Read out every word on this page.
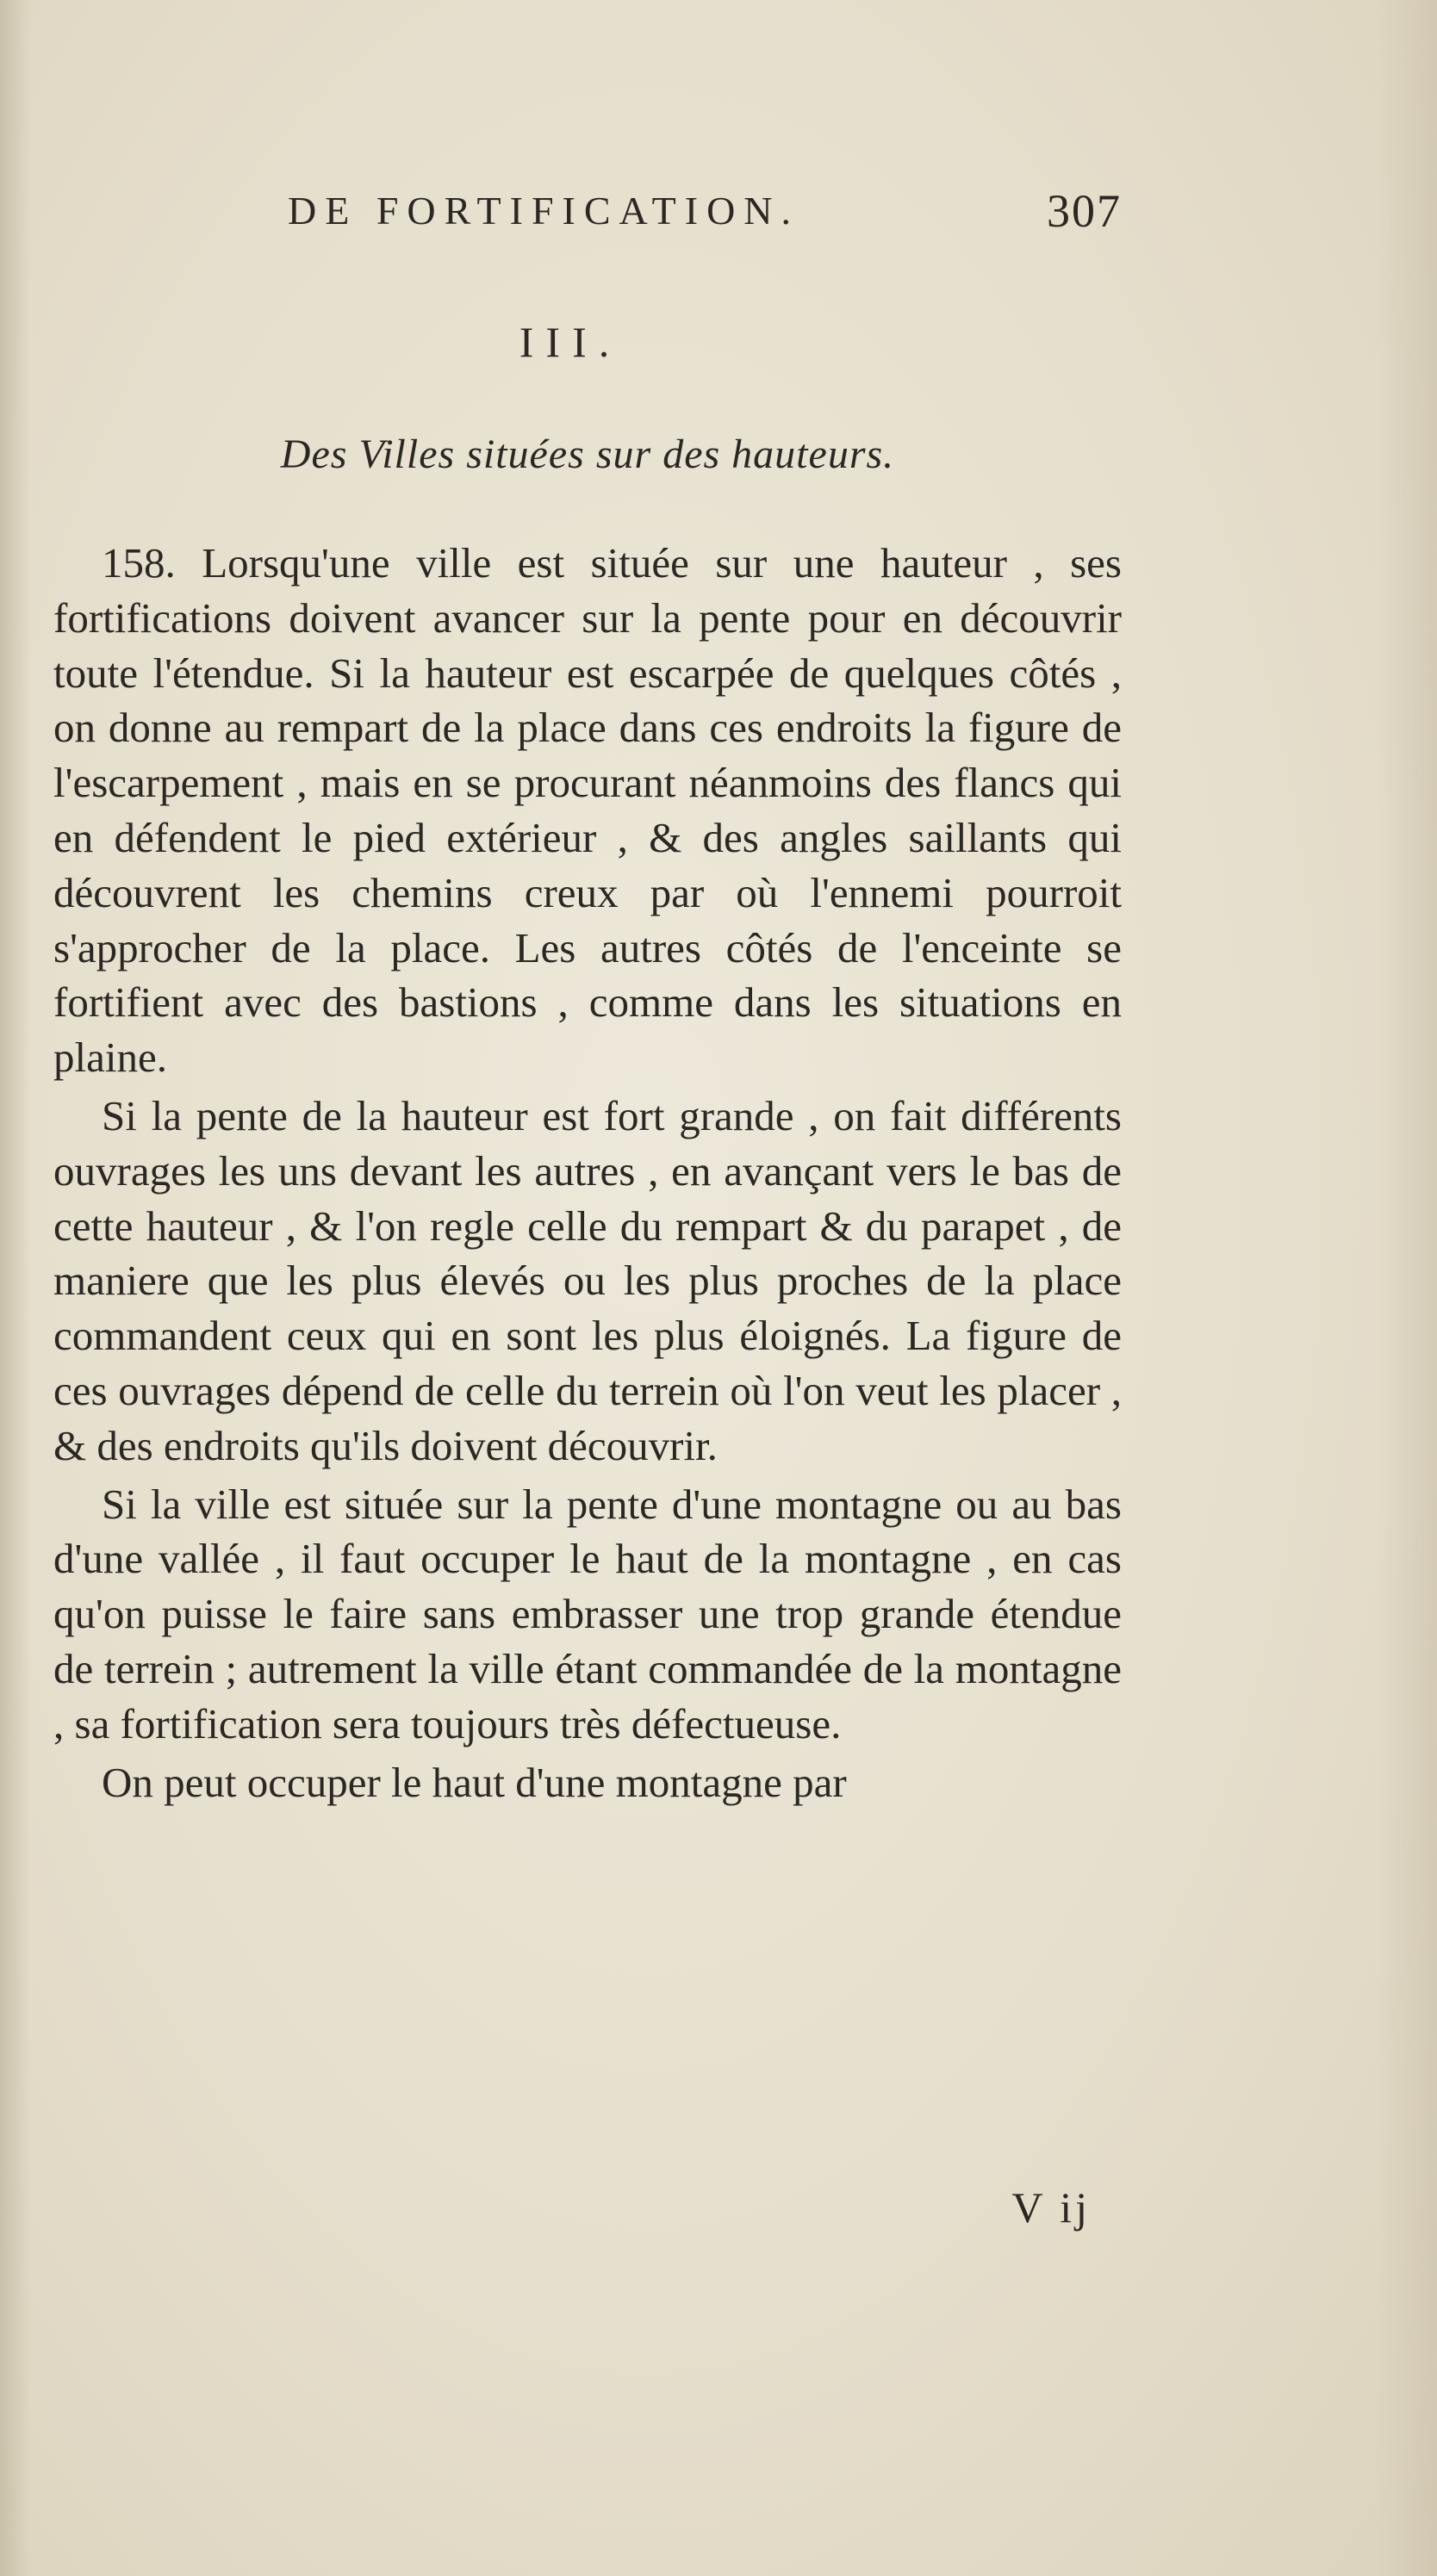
DE FORTIFICATION.	307
III.
Des Villes situées sur des hauteurs.

158. Lorsqu'une ville est située sur une hauteur , ses fortifications doivent avancer sur la pente pour en découvrir toute l'étendue. Si la hauteur est escarpée de quelques côtés , on donne au rempart de la place dans ces endroits la figure de l'escarpement , mais en se procurant néanmoins des flancs qui en défendent le pied extérieur , & des angles saillants qui découvrent les chemins creux par où l'ennemi pourroit s'approcher de la place. Les autres côtés de l'enceinte se fortifient avec des bastions , comme dans les situations en plaine.

Si la pente de la hauteur est fort grande , on fait différents ouvrages les uns devant les autres , en avançant vers le bas de cette hauteur , & l'on regle celle du rempart & du parapet , de maniere que les plus élevés ou les plus proches de la place commandent ceux qui en sont les plus éloignés. La figure de ces ouvrages dépend de celle du terrein où l'on veut les placer , & des endroits qu'ils doivent découvrir.

Si la ville est située sur la pente d'une montagne ou au bas d'une vallée , il faut occuper le haut de la montagne , en cas qu'on puisse le faire sans embrasser une trop grande étendue de terrein ; autrement la ville étant commandée de la montagne , sa fortification sera toujours très défectueuse.

On peut occuper le haut d'une montagne par

V ij
